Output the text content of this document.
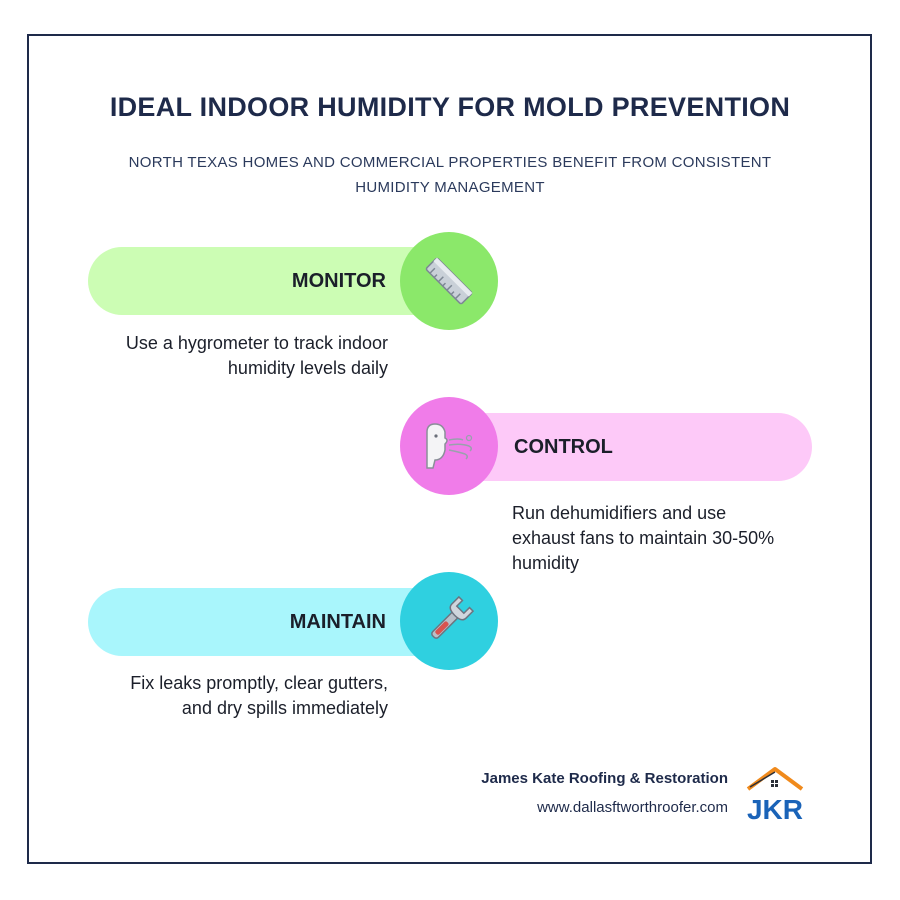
IDEAL INDOOR HUMIDITY FOR MOLD PREVENTION
NORTH TEXAS HOMES AND COMMERCIAL PROPERTIES BENEFIT FROM CONSISTENT HUMIDITY MANAGEMENT
MONITOR
Use a hygrometer to track indoor humidity levels daily
CONTROL
Run dehumidifiers and use exhaust fans to maintain 30-50% humidity
MAINTAIN
Fix leaks promptly, clear gutters, and dry spills immediately
James Kate Roofing & Restoration
www.dallasftworthroofer.com JKR
